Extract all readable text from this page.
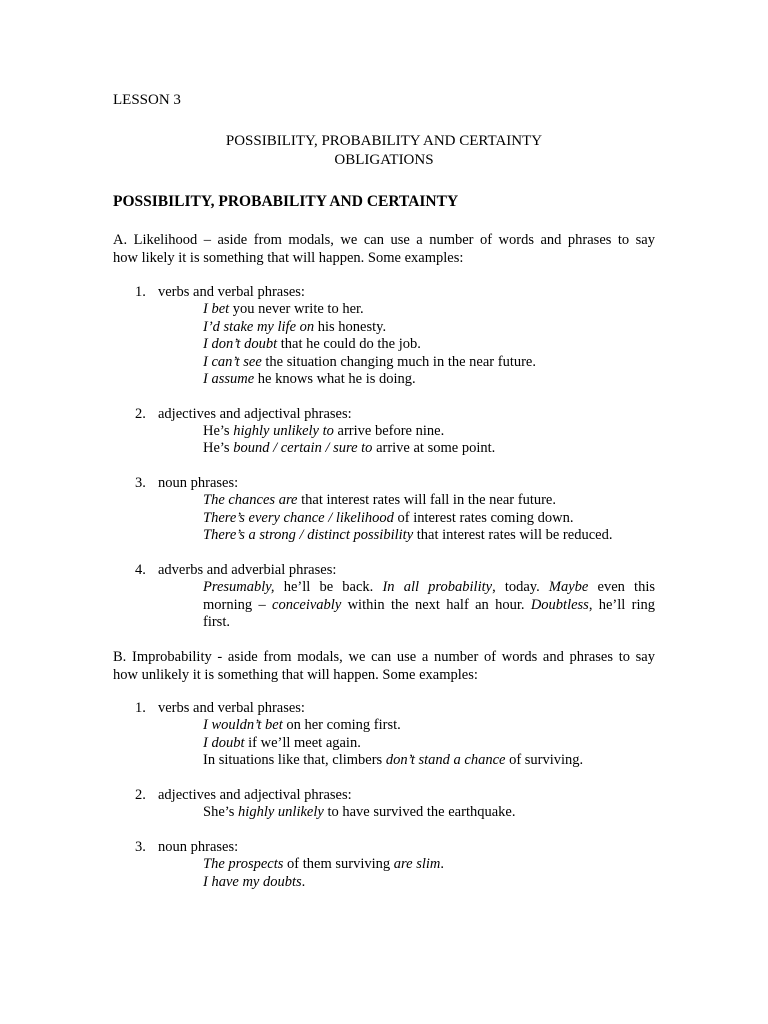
LESSON 3
POSSIBILITY, PROBABILITY AND CERTAINTY
OBLIGATIONS
POSSIBILITY, PROBABILITY AND CERTAINTY
A. Likelihood – aside from modals, we can use a number of words and phrases to say
how likely it is something that will happen. Some examples:
1. verbs and verbal phrases:
I bet you never write to her.
I’d stake my life on his honesty.
I don’t doubt that he could do the job.
I can’t see the situation changing much in the near future.
I assume he knows what he is doing.
2. adjectives and adjectival phrases:
He’s highly unlikely to arrive before nine.
He’s bound / certain / sure to arrive at some point.
3. noun phrases:
The chances are that interest rates will fall in the near future.
There’s every chance / likelihood of interest rates coming down.
There’s a strong / distinct possibility that interest rates will be reduced.
4. adverbs and adverbial phrases:
Presumably, he’ll be back. In all probability, today. Maybe even this
morning – conceivably within the next half an hour. Doubtless, he’ll ring
first.
B. Improbability - aside from modals, we can use a number of words and phrases to say
how unlikely it is something that will happen. Some examples:
1. verbs and verbal phrases:
I wouldn’t bet on her coming first.
I doubt if we’ll meet again.
In situations like that, climbers don’t stand a chance of surviving.
2. adjectives and adjectival phrases:
She’s highly unlikely to have survived the earthquake.
3. noun phrases:
The prospects of them surviving are slim.
I have my doubts.
